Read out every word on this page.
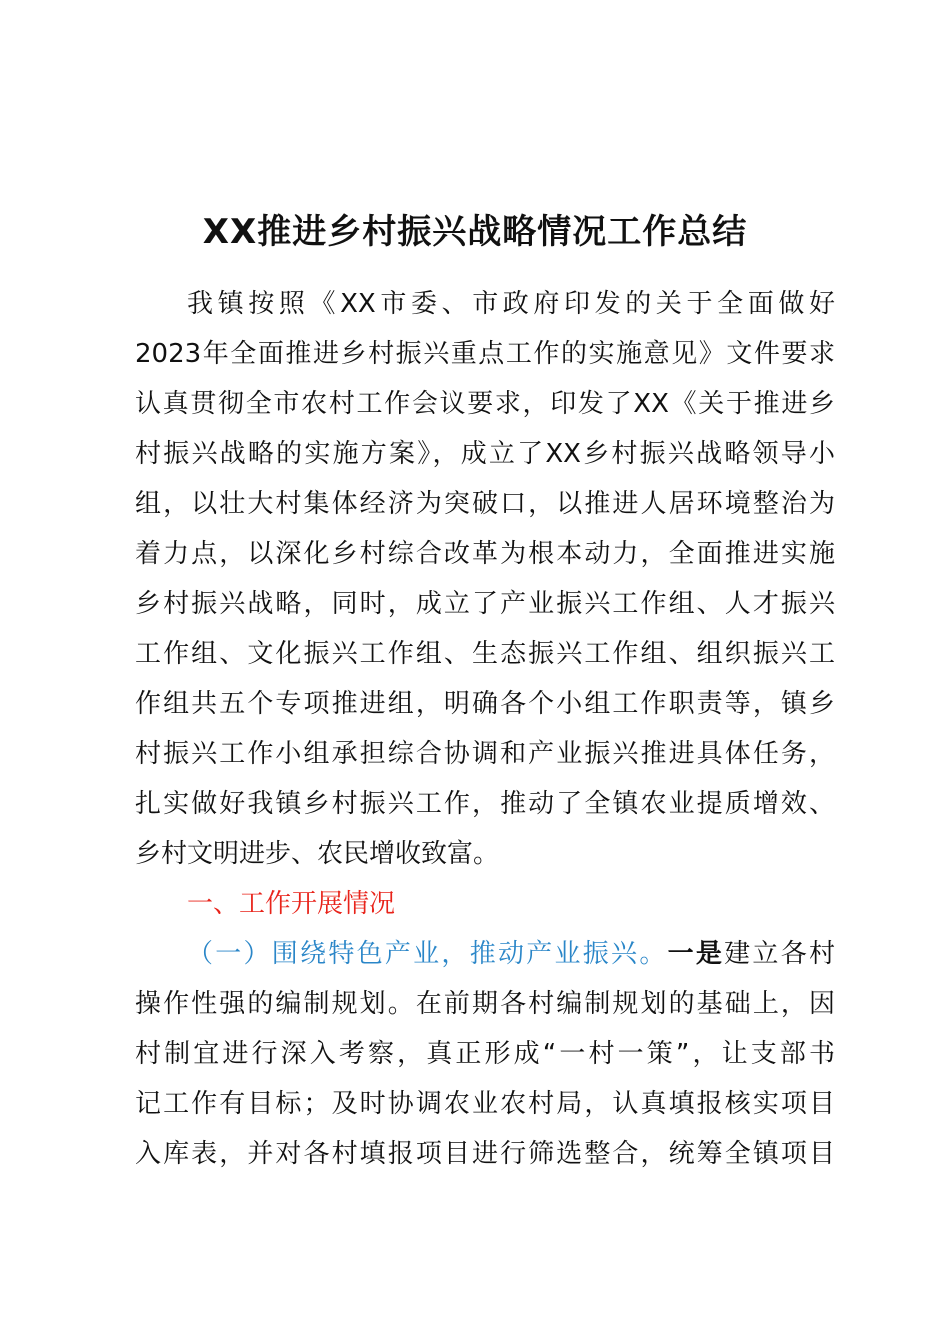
XX推进乡村振兴战略情况工作总结
我镇按照《XX市委、市政府印发的关于全面做好
2023年全面推进乡村振兴重点工作的实施意见》文件要求
认真贯彻全市农村工作会议要求，印发了XX《关于推进乡
村振兴战略的实施方案》，成立了XX乡村振兴战略领导小
组，以壮大村集体经济为突破口，以推进人居环境整治为
着力点，以深化乡村综合改革为根本动力，全面推进实施
乡村振兴战略，同时，成立了产业振兴工作组、人才振兴
工作组、文化振兴工作组、生态振兴工作组、组织振兴工
作组共五个专项推进组，明确各个小组工作职责等，镇乡
村振兴工作小组承担综合协调和产业振兴推进具体任务，
扎实做好我镇乡村振兴工作，推动了全镇农业提质增效、
乡村文明进步、农民增收致富。
一、工作开展情况
（一）围绕特色产业，推动产业振兴。一是建立各村
操作性强的编制规划。在前期各村编制规划的基础上，因
村制宜进行深入考察，真正形成“一村一策”，让支部书
记工作有目标；及时协调农业农村局，认真填报核实项目
入库表，并对各村填报项目进行筛选整合，统筹全镇项目
